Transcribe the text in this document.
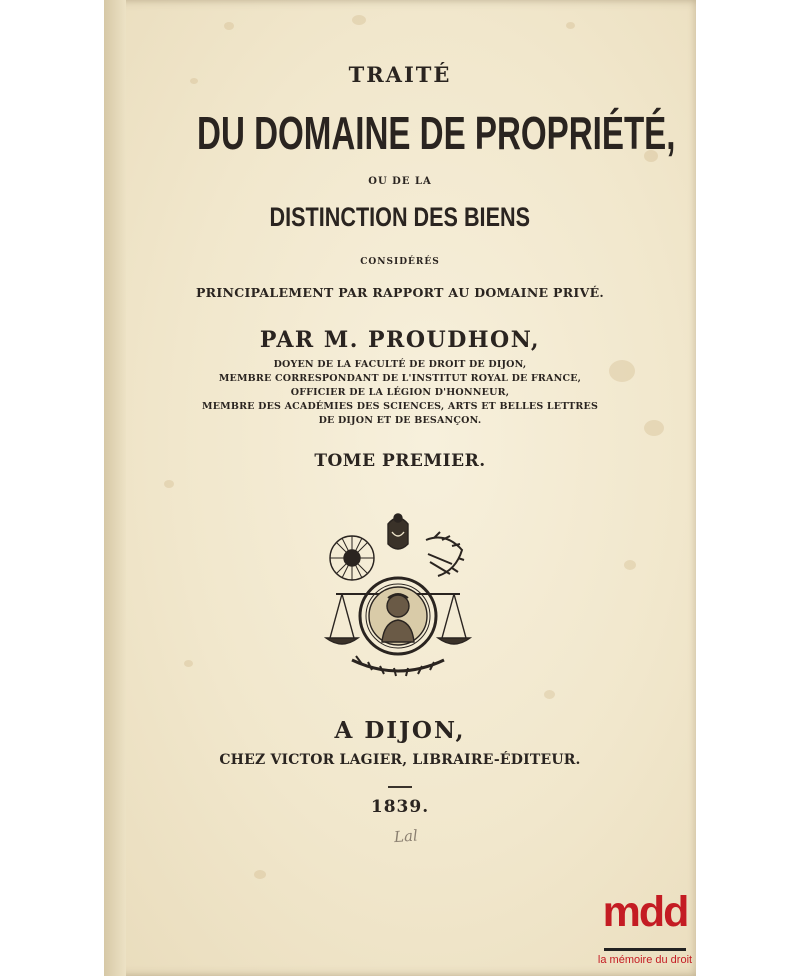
TRAITÉ
DU DOMAINE DE PROPRIÉTÉ,
OU DE LA
DISTINCTION DES BIENS
CONSIDÉRÉS
PRINCIPALEMENT PAR RAPPORT AU DOMAINE PRIVÉ.
PAR M. PROUDHON,
DOYEN DE LA FACULTÉ DE DROIT DE DIJON,
MEMBRE CORRESPONDANT DE L'INSTITUT ROYAL DE FRANCE,
OFFICIER DE LA LÉGION D'HONNEUR,
MEMBRE DES ACADÉMIES DES SCIENCES, ARTS ET BELLES LETTRES
DE DIJON ET DE BESANÇON.
TOME PREMIER.
A DIJON,
CHEZ VICTOR LAGIER, LIBRAIRE-ÉDITEUR.
1839.
Lal
mdd
la mémoire du droit
